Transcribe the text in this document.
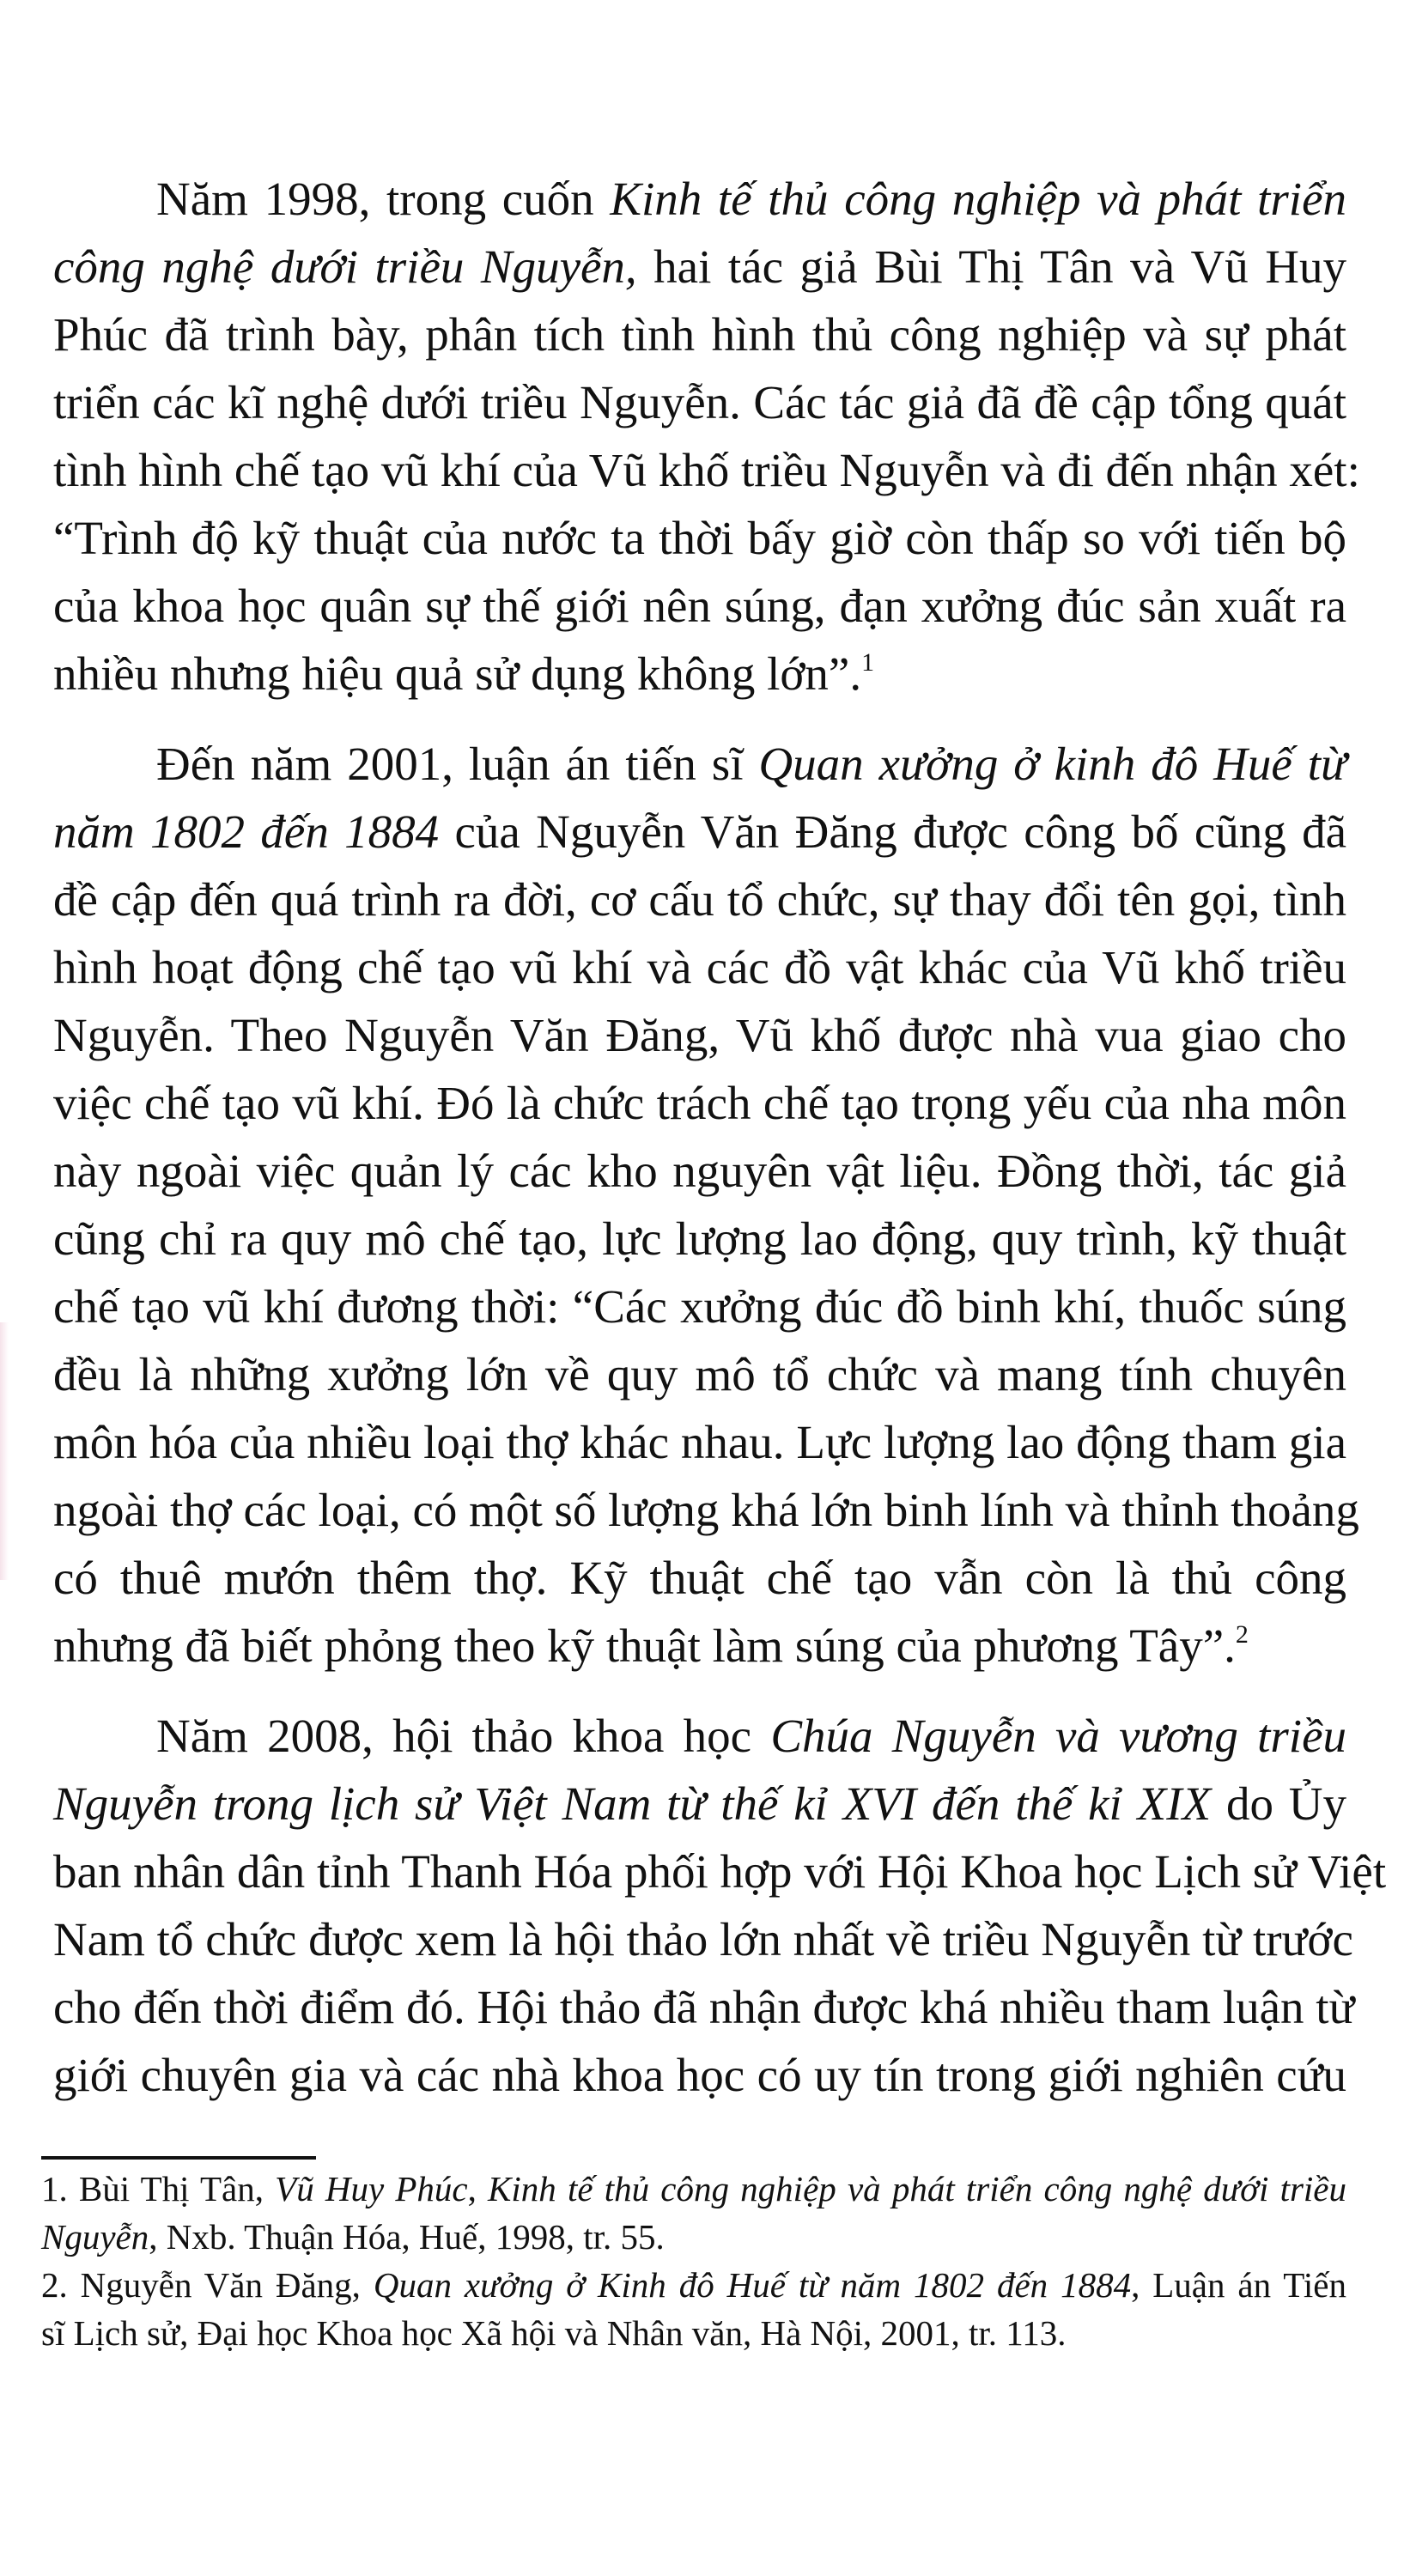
Năm 1998, trong cuốn Kinh tế thủ công nghiệp và phát triển
công nghệ dưới triều Nguyễn, hai tác giả Bùi Thị Tân và Vũ Huy
Phúc đã trình bày, phân tích tình hình thủ công nghiệp và sự phát
triển các kĩ nghệ dưới triều Nguyễn. Các tác giả đã đề cập tổng quát
tình hình chế tạo vũ khí của Vũ khố triều Nguyễn và đi đến nhận xét:
“Trình độ kỹ thuật của nước ta thời bấy giờ còn thấp so với tiến bộ
của khoa học quân sự thế giới nên súng, đạn xưởng đúc sản xuất ra
nhiều nhưng hiệu quả sử dụng không lớn”.$^1$
Đến năm 2001, luận án tiến sĩ Quan xưởng ở kinh đô Huế từ
năm 1802 đến 1884 của Nguyễn Văn Đăng được công bố cũng đã
đề cập đến quá trình ra đời, cơ cấu tổ chức, sự thay đổi tên gọi, tình
hình hoạt động chế tạo vũ khí và các đồ vật khác của Vũ khố triều
Nguyễn. Theo Nguyễn Văn Đăng, Vũ khố được nhà vua giao cho
việc chế tạo vũ khí. Đó là chức trách chế tạo trọng yếu của nha môn
này ngoài việc quản lý các kho nguyên vật liệu. Đồng thời, tác giả
cũng chỉ ra quy mô chế tạo, lực lượng lao động, quy trình, kỹ thuật
chế tạo vũ khí đương thời: “Các xưởng đúc đồ binh khí, thuốc súng
đều là những xưởng lớn về quy mô tổ chức và mang tính chuyên
môn hóa của nhiều loại thợ khác nhau. Lực lượng lao động tham gia
ngoài thợ các loại, có một số lượng khá lớn binh lính và thỉnh thoảng
có thuê mướn thêm thợ. Kỹ thuật chế tạo vẫn còn là thủ công
nhưng đã biết phỏng theo kỹ thuật làm súng của phương Tây”.$^2$
Năm 2008, hội thảo khoa học Chúa Nguyễn và vương triều
Nguyễn trong lịch sử Việt Nam từ thế kỉ XVI đến thế kỉ XIX do Ủy
ban nhân dân tỉnh Thanh Hóa phối hợp với Hội Khoa học Lịch sử Việt
Nam tổ chức được xem là hội thảo lớn nhất về triều Nguyễn từ trước
cho đến thời điểm đó. Hội thảo đã nhận được khá nhiều tham luận từ
giới chuyên gia và các nhà khoa học có uy tín trong giới nghiên cứu
1. Bùi Thị Tân, Vũ Huy Phúc, Kinh tế thủ công nghiệp và phát triển công nghệ dưới triều
Nguyễn, Nxb. Thuận Hóa, Huế, 1998, tr. 55.
2. Nguyễn Văn Đăng, Quan xưởng ở Kinh đô Huế từ năm 1802 đến 1884, Luận án Tiến
sĩ Lịch sử, Đại học Khoa học Xã hội và Nhân văn, Hà Nội, 2001, tr. 113.
